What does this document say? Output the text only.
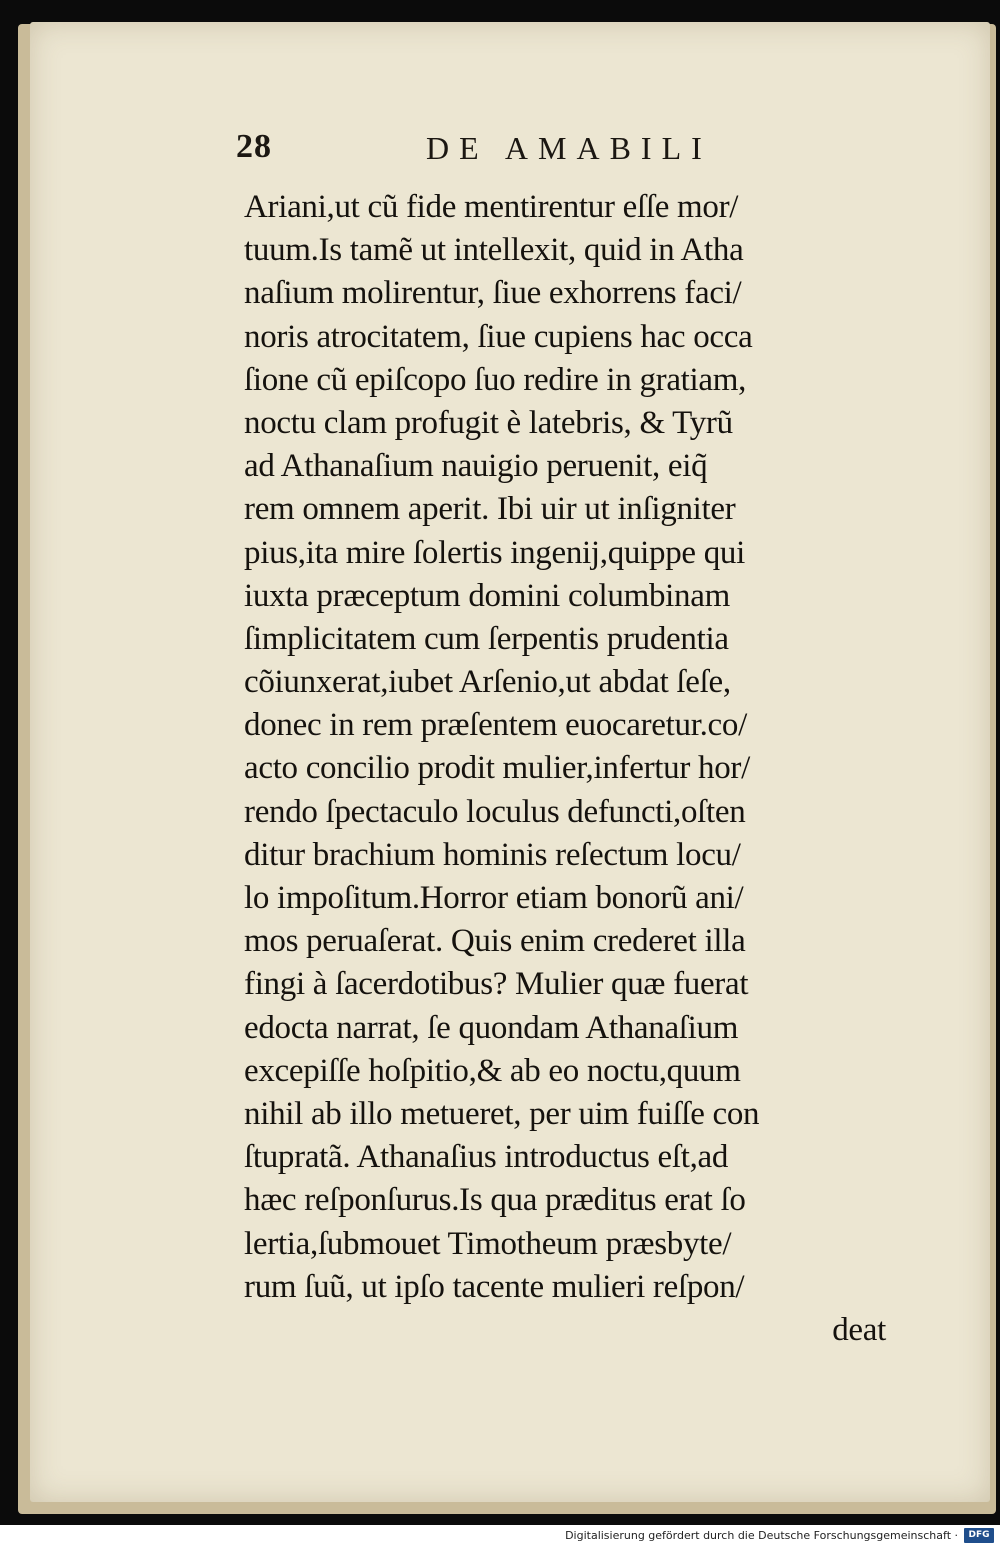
28	DE AMABILI
Ariani,ut cũ fide mentirentur eſſe mor/
tuum.Is tamẽ ut intellexit, quid in Atha
naſium molirentur, ſiue exhorrens faci/
noris atrocitatem, ſiue cupiens hac occa
ſione cũ epiſcopo ſuo redire in gratiam,
noctu clam profugit è latebris, & Tyrũ
ad Athanaſium nauigio peruenit, eiq̃
rem omnem aperit. Ibi uir ut inſigniter
pius,ita mire ſolertis ingenij,quippe qui
iuxta præceptum domini columbinam
ſimplicitatem cum ſerpentis prudentia
cõiunxerat,iubet Arſenio,ut abdat ſeſe,
donec in rem præſentem euocaretur.co/
acto concilio prodit mulier,infertur hor/
rendo ſpectaculo loculus defuncti,oſten
ditur brachium hominis reſectum locu/
lo impoſitum.Horror etiam bonorũ ani/
mos peruaſerat. Quis enim crederet illa
fingi à ſacerdotibus? Mulier quæ fuerat
edocta narrat, ſe quondam Athanaſium
excepiſſe hoſpitio,& ab eo noctu,quum
nihil ab illo metueret, per uim fuiſſe con
ſtupratã. Athanaſius introductus eſt,ad
hæc reſponſurus.Is qua præditus erat ſo
lertia,ſubmouet Timotheum præsbyte/
rum ſuũ, ut ipſo tacente mulieri reſpon/
deat
Digitalisierung gefördert durch die Deutsche Forschungsgemeinschaft ·	DFG
